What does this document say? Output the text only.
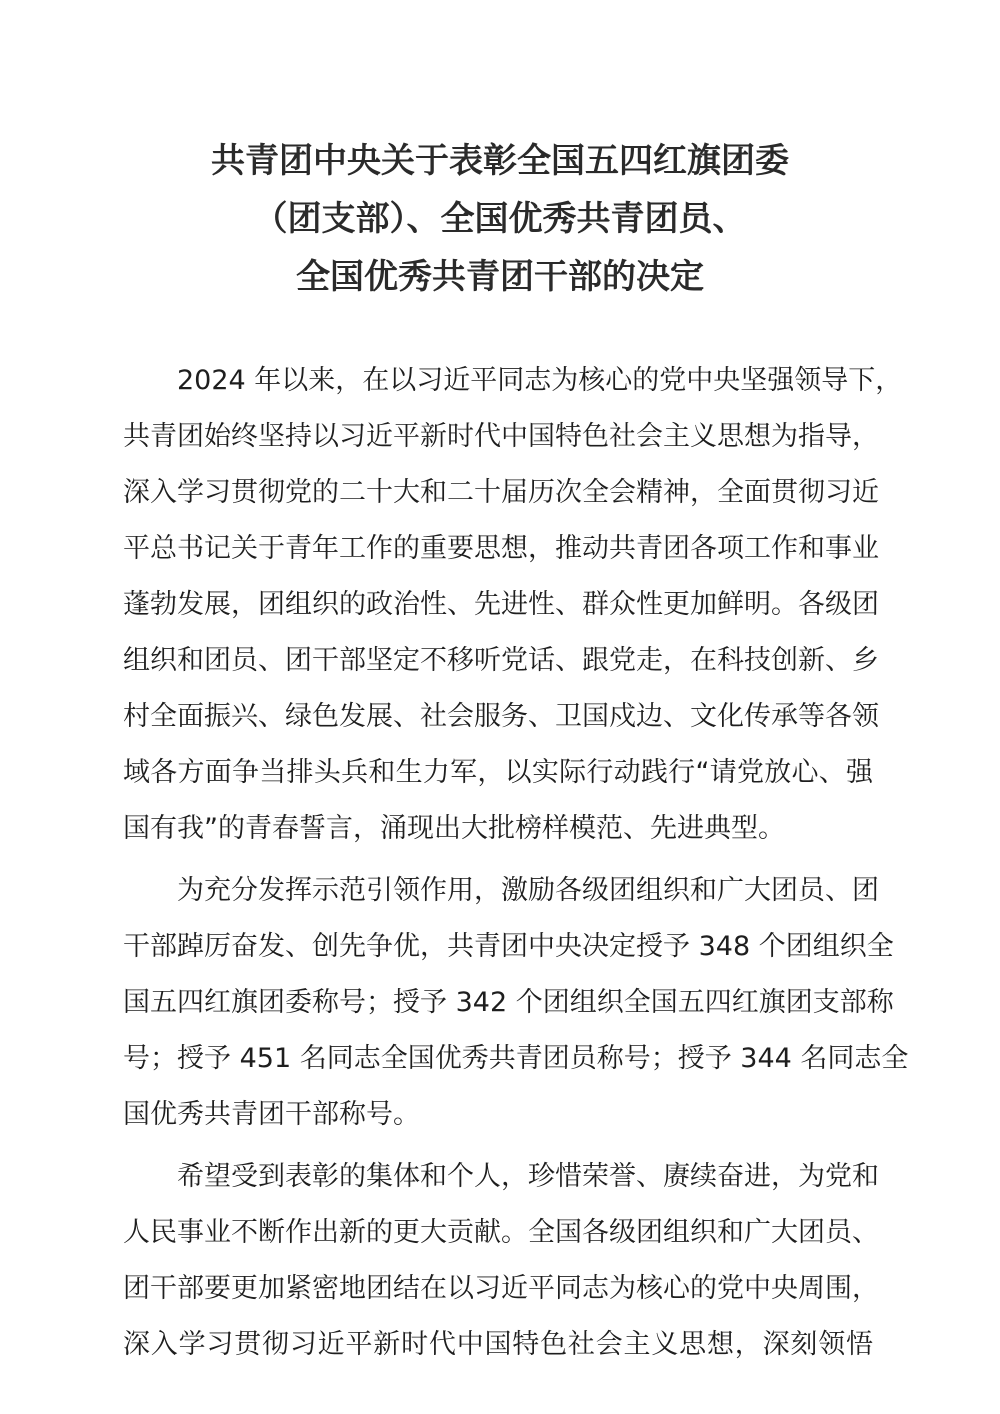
共青团中央关于表彰全国五四红旗团委
（团支部）、全国优秀共青团员、
全国优秀共青团干部的决定
2024 年以来，在以习近平同志为核心的党中央坚强领导下，
共青团始终坚持以习近平新时代中国特色社会主义思想为指导，
深入学习贯彻党的二十大和二十届历次全会精神，全面贯彻习近
平总书记关于青年工作的重要思想，推动共青团各项工作和事业
蓬勃发展，团组织的政治性、先进性、群众性更加鲜明。各级团
组织和团员、团干部坚定不移听党话、跟党走，在科技创新、乡
村全面振兴、绿色发展、社会服务、卫国戍边、文化传承等各领
域各方面争当排头兵和生力军，以实际行动践行“请党放心、强
国有我”的青春誓言，涌现出大批榜样模范、先进典型。
为充分发挥示范引领作用，激励各级团组织和广大团员、团
干部踔厉奋发、创先争优，共青团中央决定授予 348 个团组织全
国五四红旗团委称号；授予 342 个团组织全国五四红旗团支部称
号；授予 451 名同志全国优秀共青团员称号；授予 344 名同志全
国优秀共青团干部称号。
希望受到表彰的集体和个人，珍惜荣誉、赓续奋进，为党和
人民事业不断作出新的更大贡献。全国各级团组织和广大团员、
团干部要更加紧密地团结在以习近平同志为核心的党中央周围，
深入学习贯彻习近平新时代中国特色社会主义思想，深刻领悟
